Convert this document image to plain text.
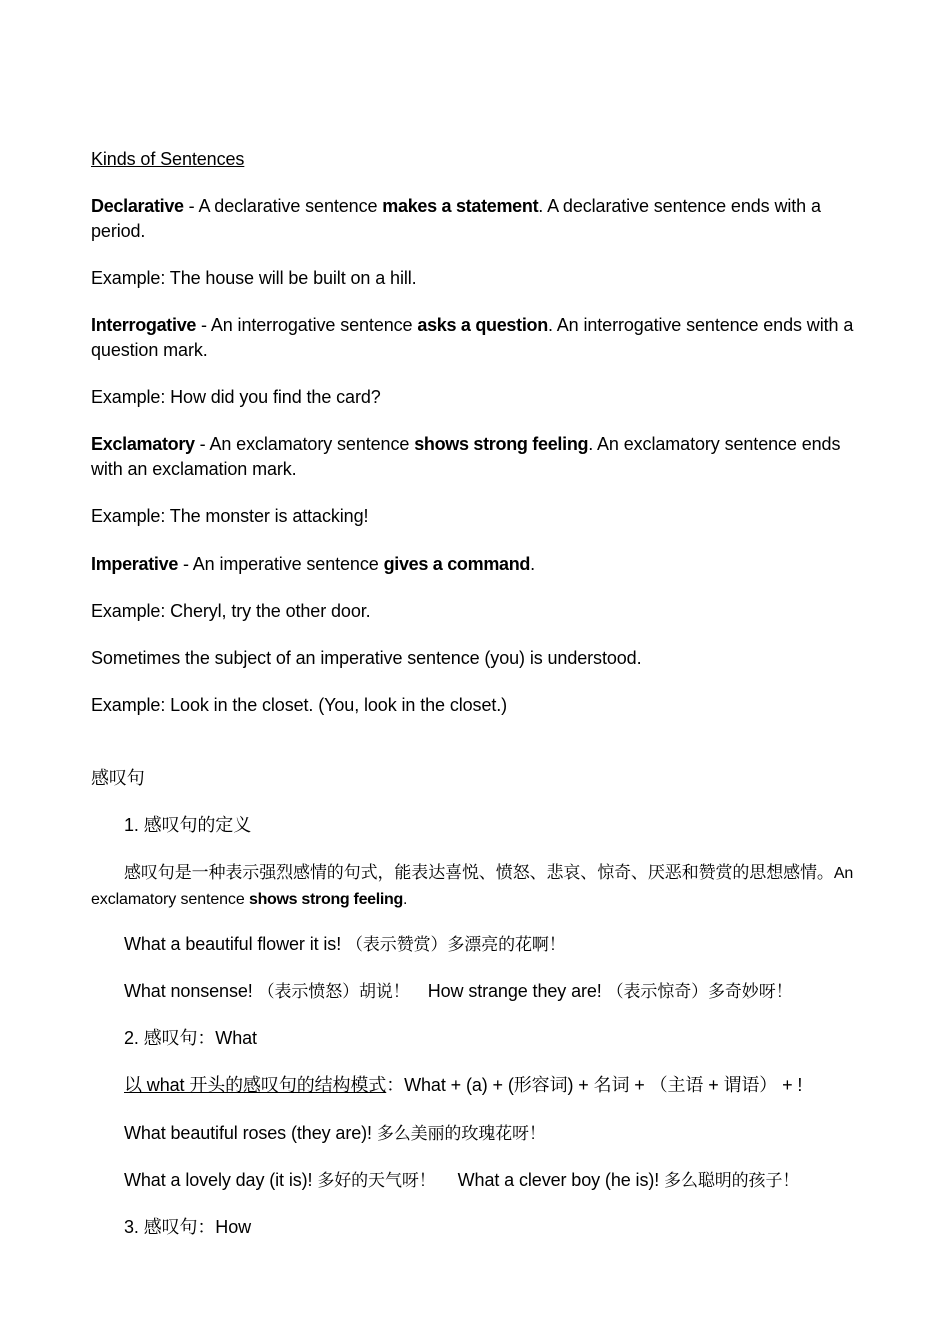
Kinds of Sentences
Declarative - A declarative sentence makes a statement. A declarative sentence ends with a period.
Example: The house will be built on a hill.
Interrogative - An interrogative sentence asks a question. An interrogative sentence ends with a question mark.
Example: How did you find the card?
Exclamatory - An exclamatory sentence shows strong feeling. An exclamatory sentence ends with an exclamation mark.
Example: The monster is attacking!
Imperative - An imperative sentence gives a command.
Example: Cheryl, try the other door.
Sometimes the subject of an imperative sentence (you) is understood.
Example: Look in the closet. (You, look in the closet.)
感叹句
1. 感叹句的定义
感叹句是一种表示强烈感情的句式，能表达喜悦、愤怒、悲哀、惊奇、厌恶和赞赏的思想感情。An exclamatory sentence shows strong feeling.
What a beautiful flower it is! （表示赞赏）多漂亮的花啊！
What nonsense! （表示愤怒）胡说！ How strange they are! （表示惊奇）多奇妙呀！
2. 感叹句：What
以 what 开头的感叹句的结构模式：What + (a) + (形容词) + 名词 + （主语 + 谓语） + !
What beautiful roses (they are)! 多么美丽的玫瑰花呀！
What a lovely day (it is)! 多好的天气呀！ What a clever boy (he is)! 多么聪明的孩子！
3. 感叹句：How
